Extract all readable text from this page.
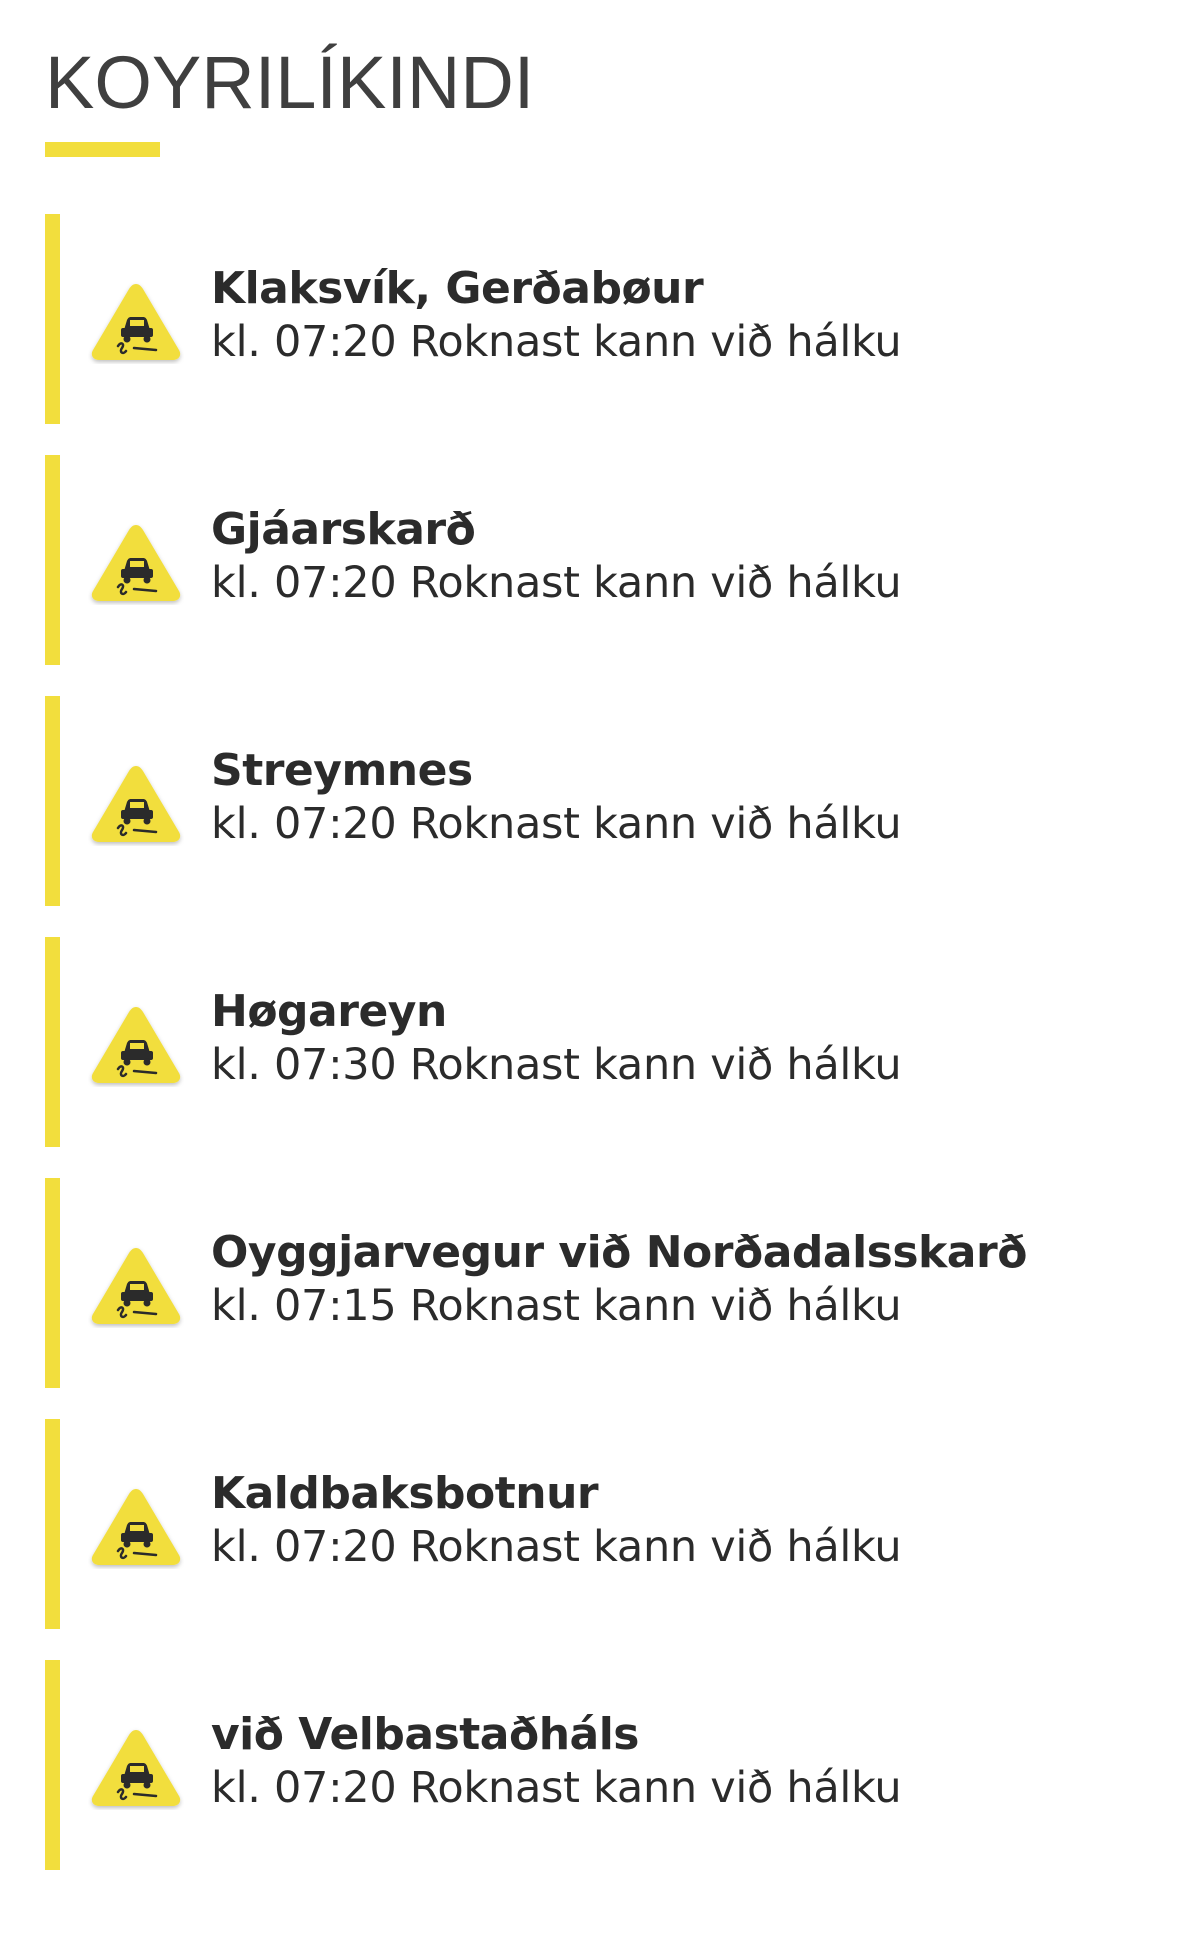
KOYRILÍKINDI
Klaksvík, Gerðabøur
kl. 07:20 Roknast kann við hálku
Gjáarskarð
kl. 07:20 Roknast kann við hálku
Streymnes
kl. 07:20 Roknast kann við hálku
Høgareyn
kl. 07:30 Roknast kann við hálku
Oyggjarvegur við Norðadalsskarð
kl. 07:15 Roknast kann við hálku
Kaldbaksbotnur
kl. 07:20 Roknast kann við hálku
við Velbastaðháls
kl. 07:20 Roknast kann við hálku
